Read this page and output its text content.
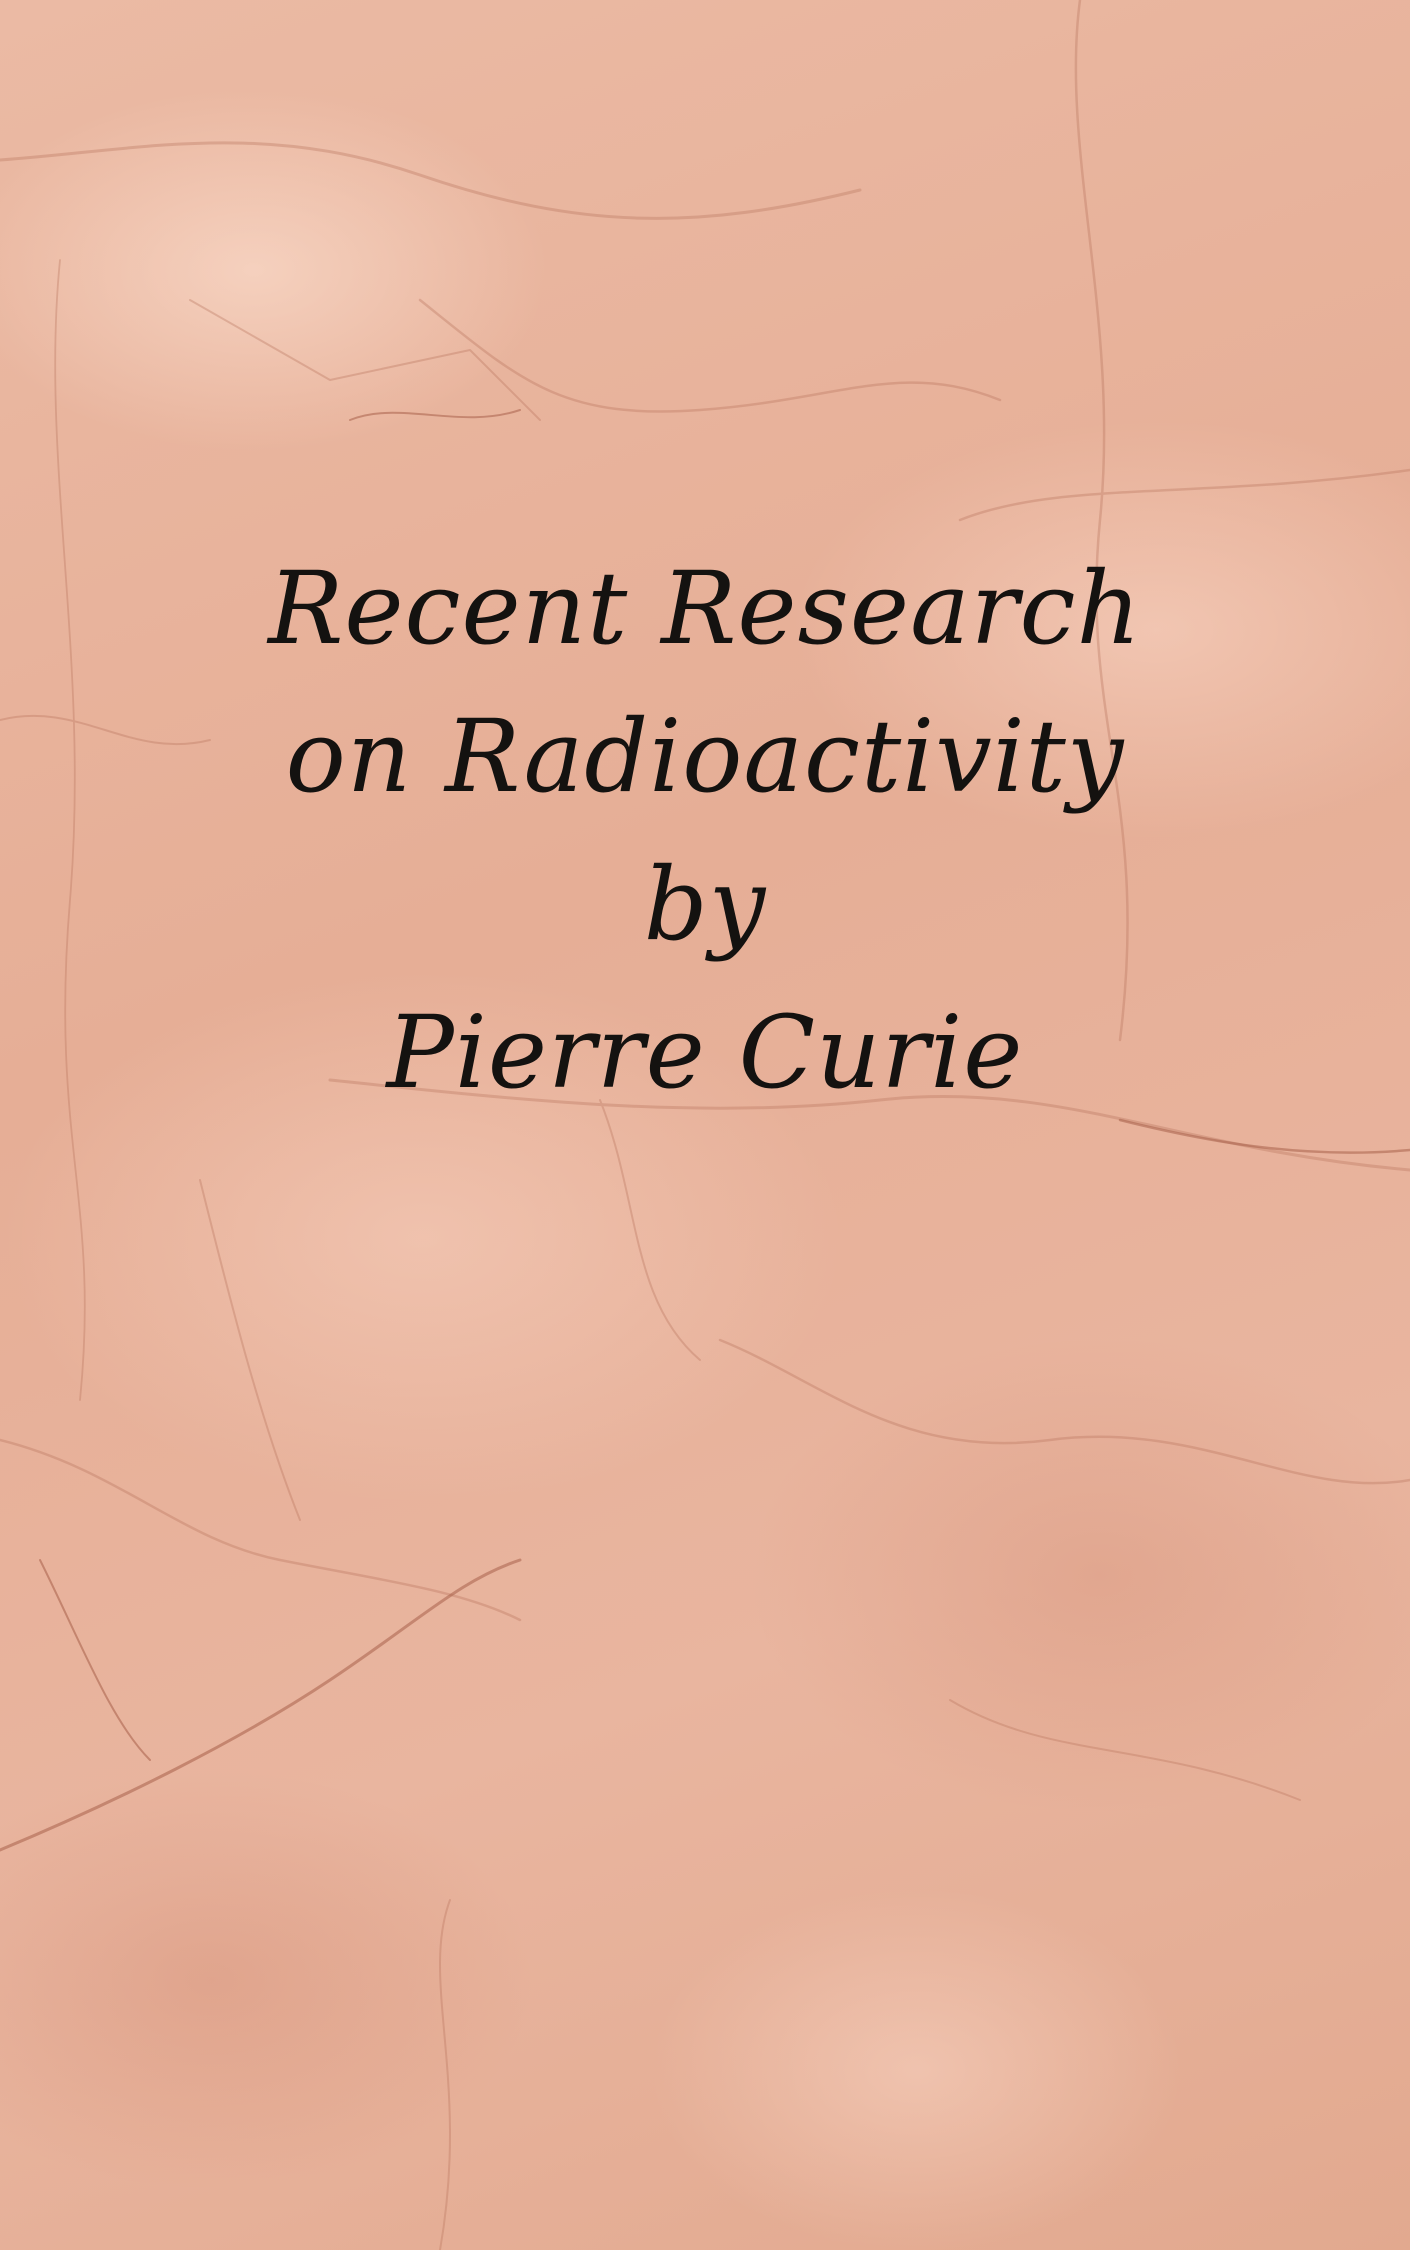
Recent Research
on Radioactivity
by
Pierre Curie
